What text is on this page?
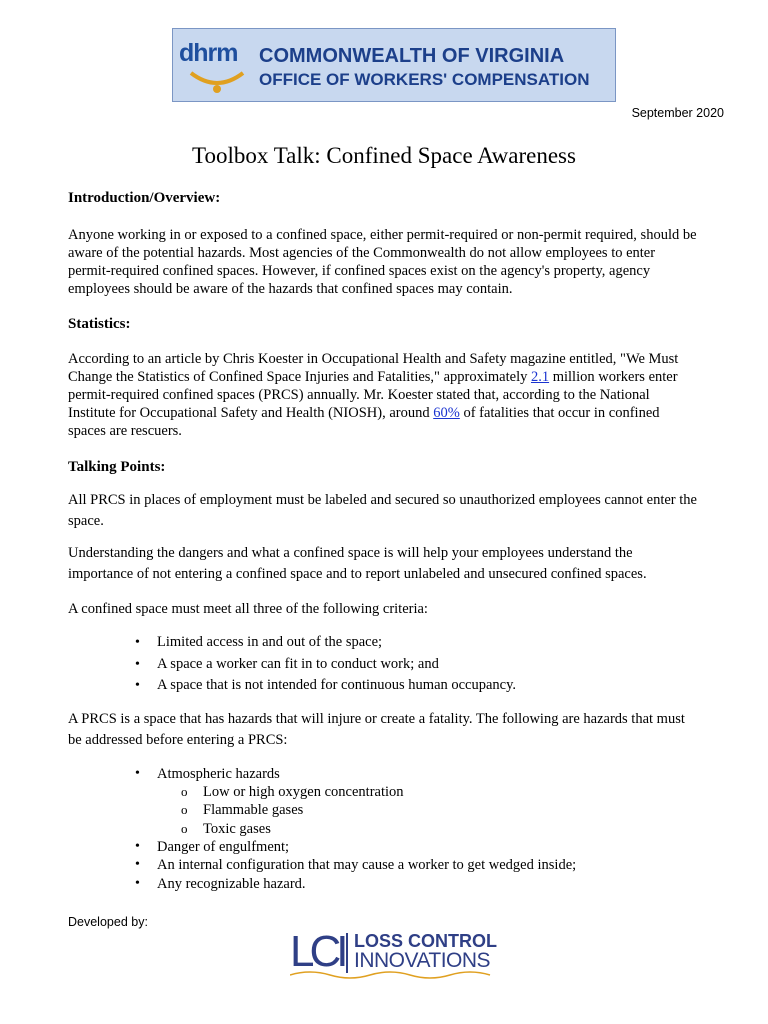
dhrm COMMONWEALTH OF VIRGINIA
OFFICE OF WORKERS' COMPENSATION
September 2020
Toolbox Talk: Confined Space Awareness
Introduction/Overview:
Anyone working in or exposed to a confined space, either permit-required or non-permit required, should be
aware of the potential hazards. Most agencies of the Commonwealth do not allow employees to enter
permit-required confined spaces. However, if confined spaces exist on the agency's property, agency
employees should be aware of the hazards that confined spaces may contain.
Statistics:
According to an article by Chris Koester in Occupational Health and Safety magazine entitled, "We Must
Change the Statistics of Confined Space Injuries and Fatalities," approximately 2.1 million workers enter
permit-required confined spaces (PRCS) annually. Mr. Koester stated that, according to the National
Institute for Occupational Safety and Health (NIOSH), around 60% of fatalities that occur in confined
spaces are rescuers.
Talking Points:
All PRCS in places of employment must be labeled and secured so unauthorized employees cannot enter the
space.
Understanding the dangers and what a confined space is will help your employees understand the
importance of not entering a confined space and to report unlabeled and unsecured confined spaces.
A confined space must meet all three of the following criteria:
• Limited access in and out of the space;
• A space a worker can fit in to conduct work; and
• A space that is not intended for continuous human occupancy.
A PRCS is a space that has hazards that will injure or create a fatality. The following are hazards that must
be addressed before entering a PRCS:
• Atmospheric hazards
o Low or high oxygen concentration
o Flammable gases
o Toxic gases
• Danger of engulfment;
• An internal configuration that may cause a worker to get wedged inside;
• Any recognizable hazard.
Developed by:
LCI LOSS CONTROL
INNOVATIONS
